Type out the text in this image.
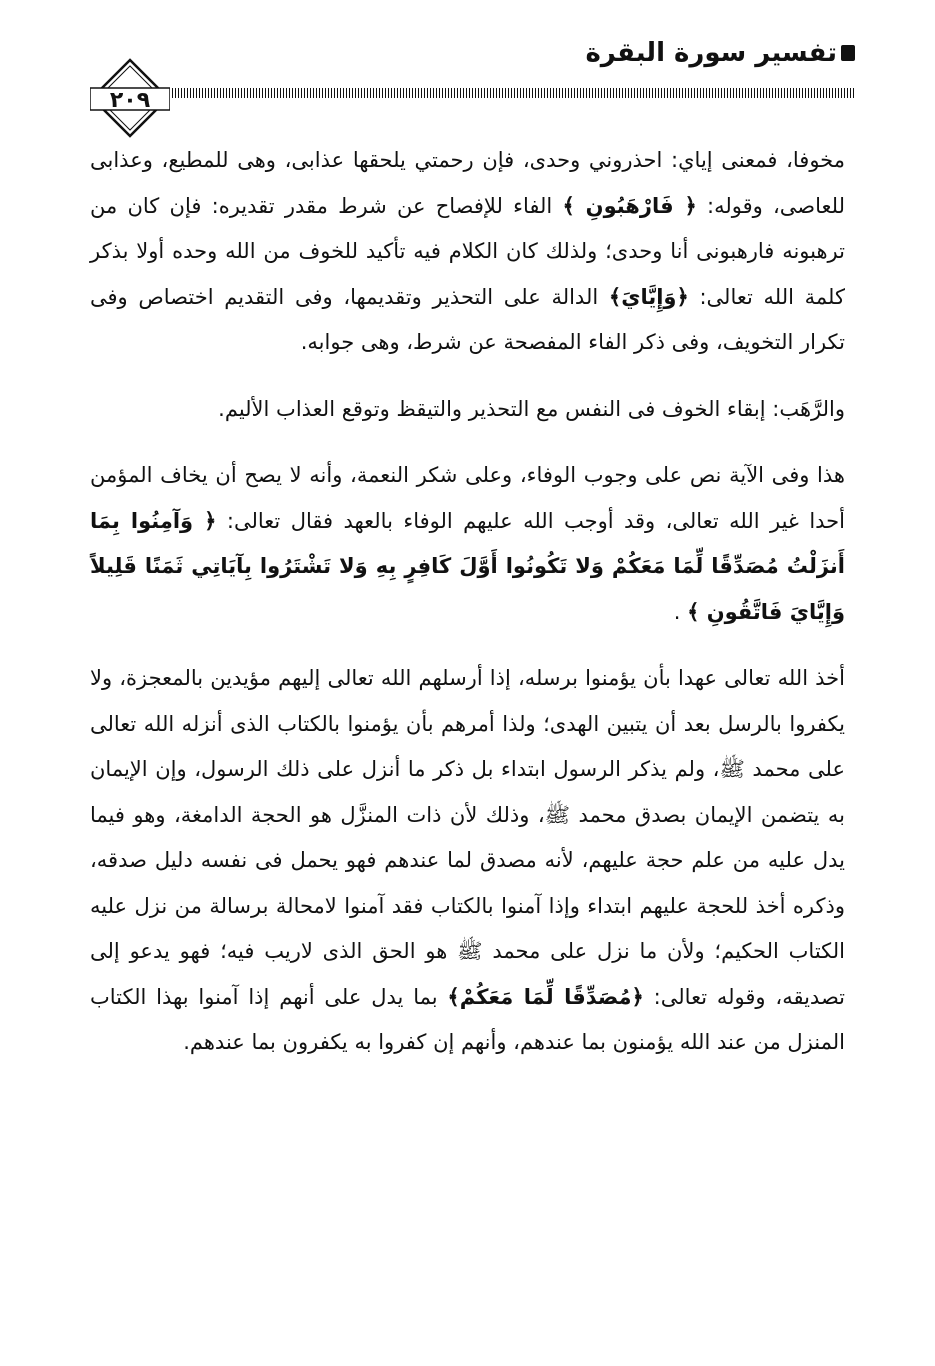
تفسير سورة البقرة
٢٠٩

مخوفا، فمعنى إياي: احذروني وحدى، فإن رحمتي يلحقها عذابى، وهى للمطيع، وعذابى للعاصى، وقوله: ﴿ فَارْهَبُونِ ﴾ الفاء للإفصاح عن شرط مقدر تقديره: فإن كان من ترهبونه فارهبونى أنا وحدى؛ ولذلك كان الكلام فيه تأكيد للخوف من الله وحده أولا بذكر كلمة الله تعالى: ﴿وَإِيَّايَ﴾ الدالة على التحذير وتقديمها، وفى التقديم اختصاص وفى تكرار التخويف، وفى ذكر الفاء المفصحة عن شرط، وهى جوابه.

والرَّهَب: إبقاء الخوف فى النفس مع التحذير والتيقظ وتوقع العذاب الأليم.

هذا وفى الآية نص على وجوب الوفاء، وعلى شكر النعمة، وأنه لا يصح أن يخاف المؤمن أحدا غير الله تعالى، وقد أوجب الله عليهم الوفاء بالعهد فقال تعالى: ﴿ وَآمِنُوا بِمَا أَنزَلْتُ مُصَدِّقًا لِّمَا مَعَكُمْ وَلا تَكُونُوا أَوَّلَ كَافِرٍ بِهِ وَلا تَشْتَرُوا بِآيَاتِي ثَمَنًا قَلِيلاً وَإِيَّايَ فَاتَّقُونِ ﴾ .

أخذ الله تعالى عهدا بأن يؤمنوا برسله، إذا أرسلهم الله تعالى إليهم مؤيدين بالمعجزة، ولا يكفروا بالرسل بعد أن يتبين الهدى؛ ولذا أمرهم بأن يؤمنوا بالكتاب الذى أنزله الله تعالى على محمد ﷺ، ولم يذكر الرسول ابتداء بل ذكر ما أنزل على ذلك الرسول، وإن الإيمان به يتضمن الإيمان بصدق محمد ﷺ، وذلك لأن ذات المنزَّل هو الحجة الدامغة، وهو فيما يدل عليه من علم حجة عليهم، لأنه مصدق لما عندهم فهو يحمل فى نفسه دليل صدقه، وذكره أخذ للحجة عليهم ابتداء وإذا آمنوا بالكتاب فقد آمنوا لامحالة برسالة من نزل عليه الكتاب الحكيم؛ ولأن ما نزل على محمد ﷺ هو الحق الذى لاريب فيه؛ فهو يدعو إلى تصديقه، وقوله تعالى: ﴿مُصَدِّقًا لِّمَا مَعَكُمْ﴾ بما يدل على أنهم إذا آمنوا بهذا الكتاب المنزل من عند الله يؤمنون بما عندهم، وأنهم إن كفروا به يكفرون بما عندهم.
